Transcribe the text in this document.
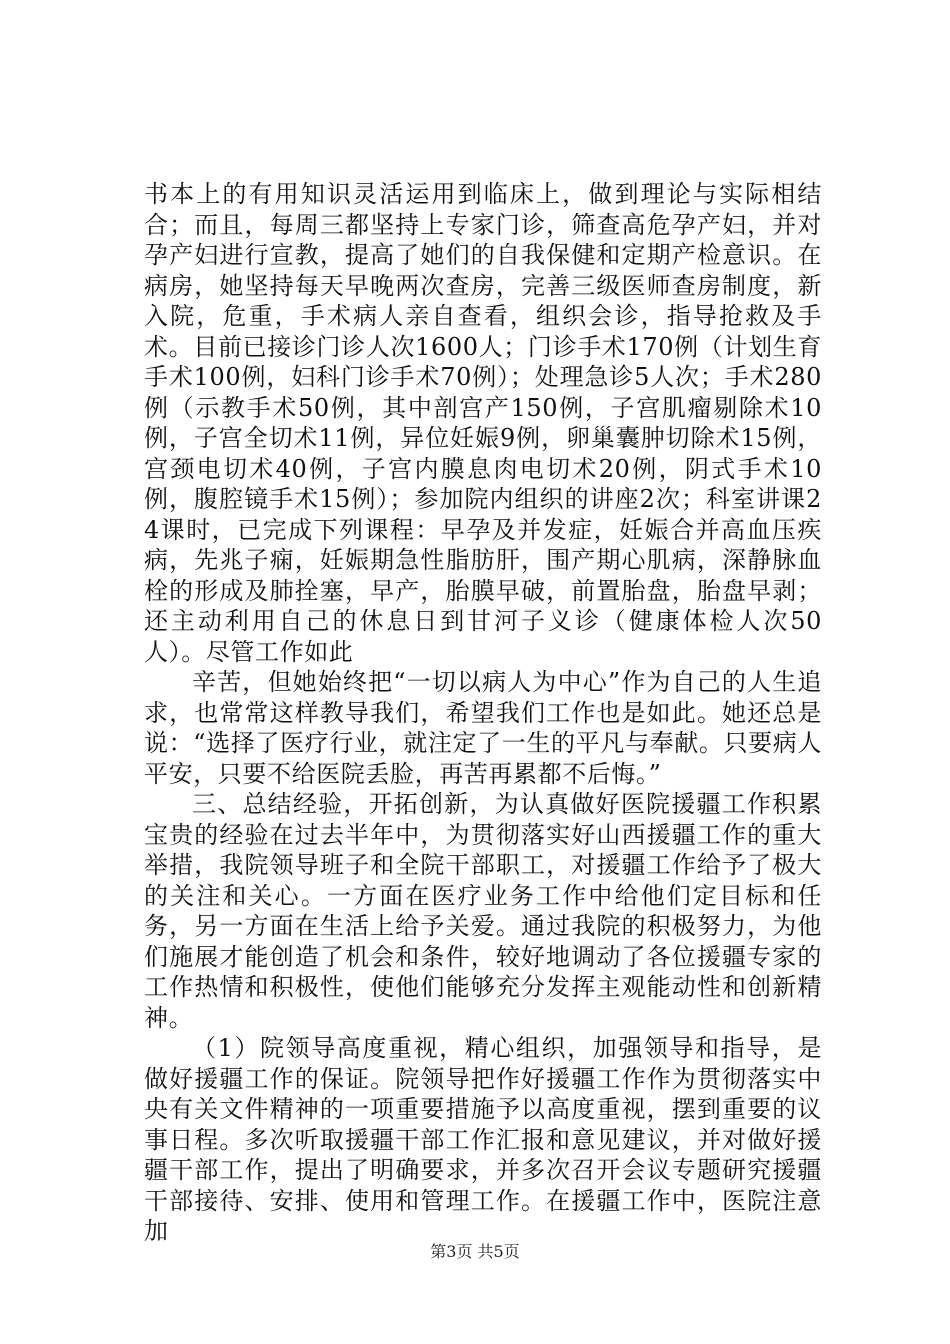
书本上的有用知识灵活运用到临床上，做到理论与实际相结合；而且，每周三都坚持上专家门诊，筛查高危孕产妇，并对孕产妇进行宣教，提高了她们的自我保健和定期产检意识。在病房，她坚持每天早晚两次查房，完善三级医师查房制度，新入院，危重，手术病人亲自查看，组织会诊，指导抢救及手术。目前已接诊门诊人次1600人；门诊手术170例（计划生育手术100例，妇科门诊手术70例）；处理急诊5人次；手术280例（示教手术50例，其中剖宫产150例，子宫肌瘤剔除术10例，子宫全切术11例，异位妊娠9例，卵巢囊肿切除术15例，宫颈电切术40例，子宫内膜息肉电切术20例，阴式手术10例，腹腔镜手术15例）；参加院内组织的讲座2次；科室讲课24课时，已完成下列课程：早孕及并发症，妊娠合并高血压疾病，先兆子痫，妊娠期急性脂肪肝，围产期心肌病，深静脉血栓的形成及肺拴塞，早产，胎膜早破，前置胎盘，胎盘早剥；还主动利用自己的休息日到甘河子义诊（健康体检人次50人）。尽管工作如此

辛苦，但她始终把“一切以病人为中心”作为自己的人生追求，也常常这样教导我们，希望我们工作也是如此。她还总是说：“选择了医疗行业，就注定了一生的平凡与奉献。只要病人平安，只要不给医院丢脸，再苦再累都不后悔。”

三、总结经验，开拓创新，为认真做好医院援疆工作积累宝贵的经验在过去半年中，为贯彻落实好山西援疆工作的重大举措，我院领导班子和全院干部职工，对援疆工作给予了极大的关注和关心。一方面在医疗业务工作中给他们定目标和任务，另一方面在生活上给予关爱。通过我院的积极努力，为他们施展才能创造了机会和条件，较好地调动了各位援疆专家的工作热情和积极性，使他们能够充分发挥主观能动性和创新精神。

（1）院领导高度重视，精心组织，加强领导和指导，是做好援疆工作的保证。院领导把作好援疆工作作为贯彻落实中央有关文件精神的一项重要措施予以高度重视，摆到重要的议事日程。多次听取援疆干部工作汇报和意见建议，并对做好援疆干部工作，提出了明确要求，并多次召开会议专题研究援疆干部接待、安排、使用和管理工作。在援疆工作中，医院注意加

第3页 共5页
